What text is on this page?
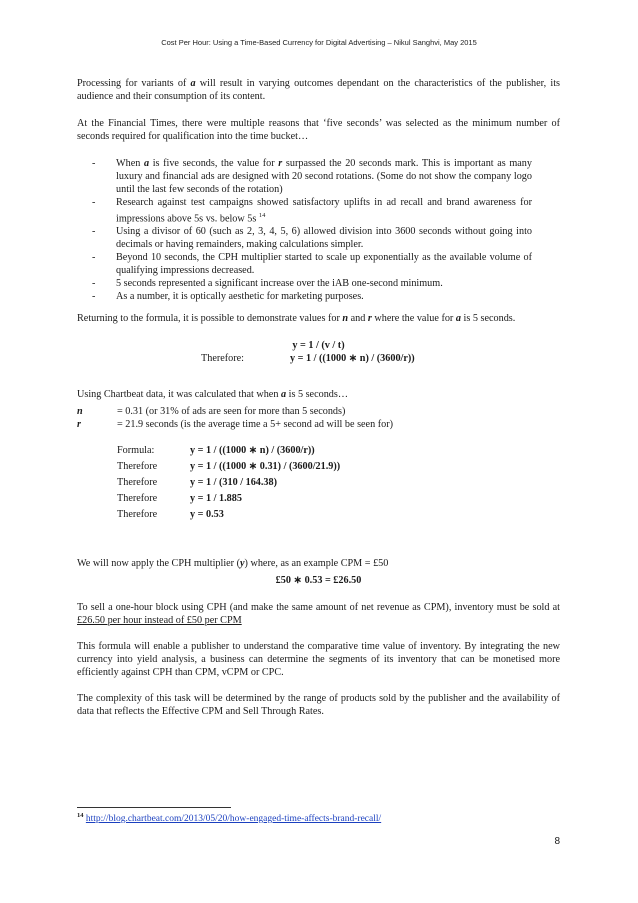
Cost Per Hour: Using a Time-Based Currency for Digital Advertising – Nikul Sanghvi, May 2015

Processing for variants of a will result in varying outcomes dependant on the characteristics of the publisher, its audience and their consumption of its content.

At the Financial Times, there were multiple reasons that ‘five seconds’ was selected as the minimum number of seconds required for qualification into the time bucket…

- When a is five seconds, the value for r surpassed the 20 seconds mark. This is important as many luxury and financial ads are designed with 20 second rotations. (Some do not show the company logo until the last few seconds of the rotation)
- Research against test campaigns showed satisfactory uplifts in ad recall and brand awareness for impressions above 5s vs. below 5s $^{14}$
- Using a divisor of 60 (such as 2, 3, 4, 5, 6) allowed division into 3600 seconds without going into decimals or having remainders, making calculations simpler.
- Beyond 10 seconds, the CPH multiplier started to scale up exponentially as the available volume of qualifying impressions decreased.
- 5 seconds represented a significant increase over the iAB one-second minimum.
- As a number, it is optically aesthetic for marketing purposes.

Returning to the formula, it is possible to demonstrate values for n and r where the value for a is 5 seconds.

y = 1 / (v / t)
Therefore:	y = 1 / ((1000 ∗ n) / (3600/r))

Using Chartbeat data, it was calculated that when a is 5 seconds…

n	= 0.31 (or 31% of ads are seen for more than 5 seconds)
r	= 21.9 seconds (is the average time a 5+ second ad will be seen for)
Formula:	y = 1 / ((1000 ∗ n) / (3600/r))
Therefore	y = 1 / ((1000 ∗ 0.31) / (3600/21.9))
Therefore	y = 1 / (310 / 164.38)
Therefore	y = 1 / 1.885
Therefore	y = 0.53

We will now apply the CPH multiplier (y) where, as an example CPM = £50

£50 ∗ 0.53 = £26.50

To sell a one-hour block using CPH (and make the same amount of net revenue as CPM), inventory must be sold at £26.50 per hour instead of £50 per CPM

This formula will enable a publisher to understand the comparative time value of inventory. By integrating the new currency into yield analysis, a business can determine the segments of its inventory that can be monetised more efficiently against CPH than CPM, vCPM or CPC.

The complexity of this task will be determined by the range of products sold by the publisher and the availability of data that reflects the Effective CPM and Sell Through Rates.

$^{14}$ http://blog.chartbeat.com/2013/05/20/how-engaged-time-affects-brand-recall/
8
